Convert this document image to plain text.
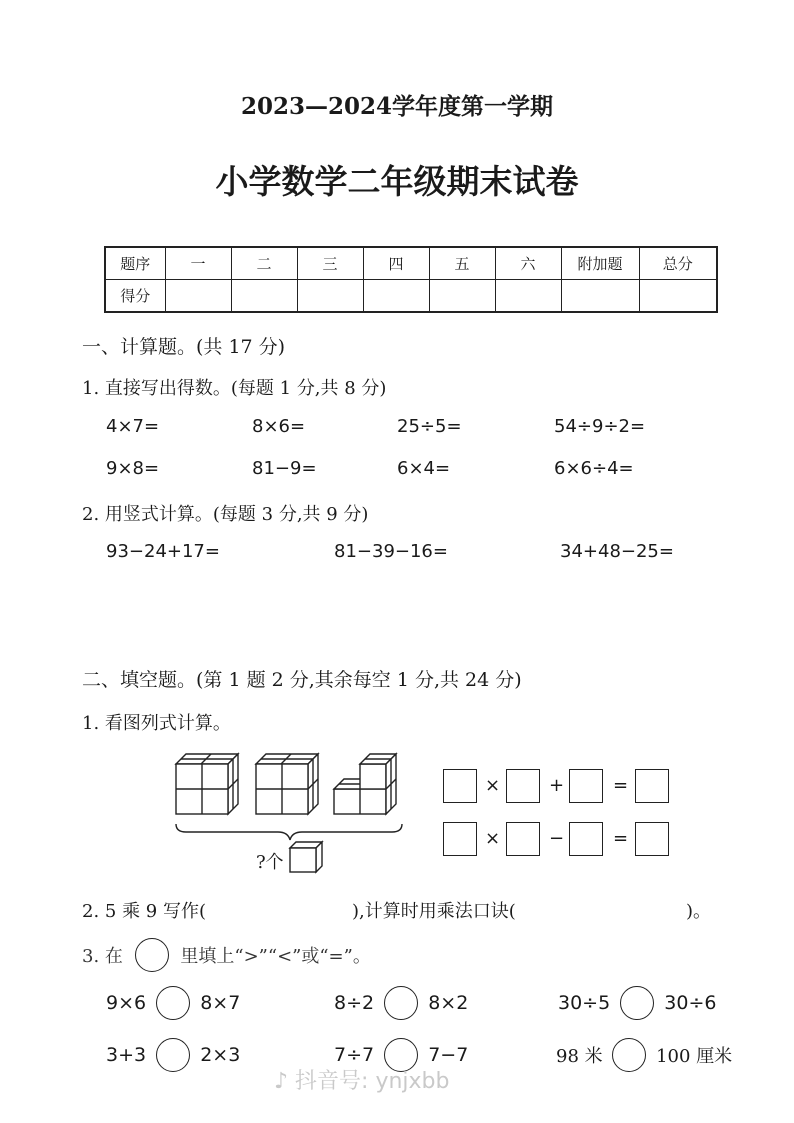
2023—2024学年度第一学期
小学数学二年级期末试卷
题序	一	二	三	四	五	六	附加题	总分
得分								
一、计算题。(共 17 分)
1. 直接写出得数。(每题 1 分,共 8 分)
4×7=	8×6=	25÷5=	54÷9÷2=
9×8=	81−9=	6×4=	6×6÷4=
2. 用竖式计算。(每题 3 分,共 9 分)
93−24+17=	81−39−16=	34+48−25=
二、填空题。(第 1 题 2 分,其余每空 1 分,共 24 分)
1. 看图列式计算。
?个
×	+	=
×	−	=
2. 5 乘 9 写作(	),计算时用乘法口诀(	)。
3. 在	里填上“>”“<”或“=”。
9×6	8×7	8÷2	8×2	30÷5	30÷6
3+3	2×3	7÷7	7−7	98 米	100 厘米
♪ 抖音号: ynjxbb
